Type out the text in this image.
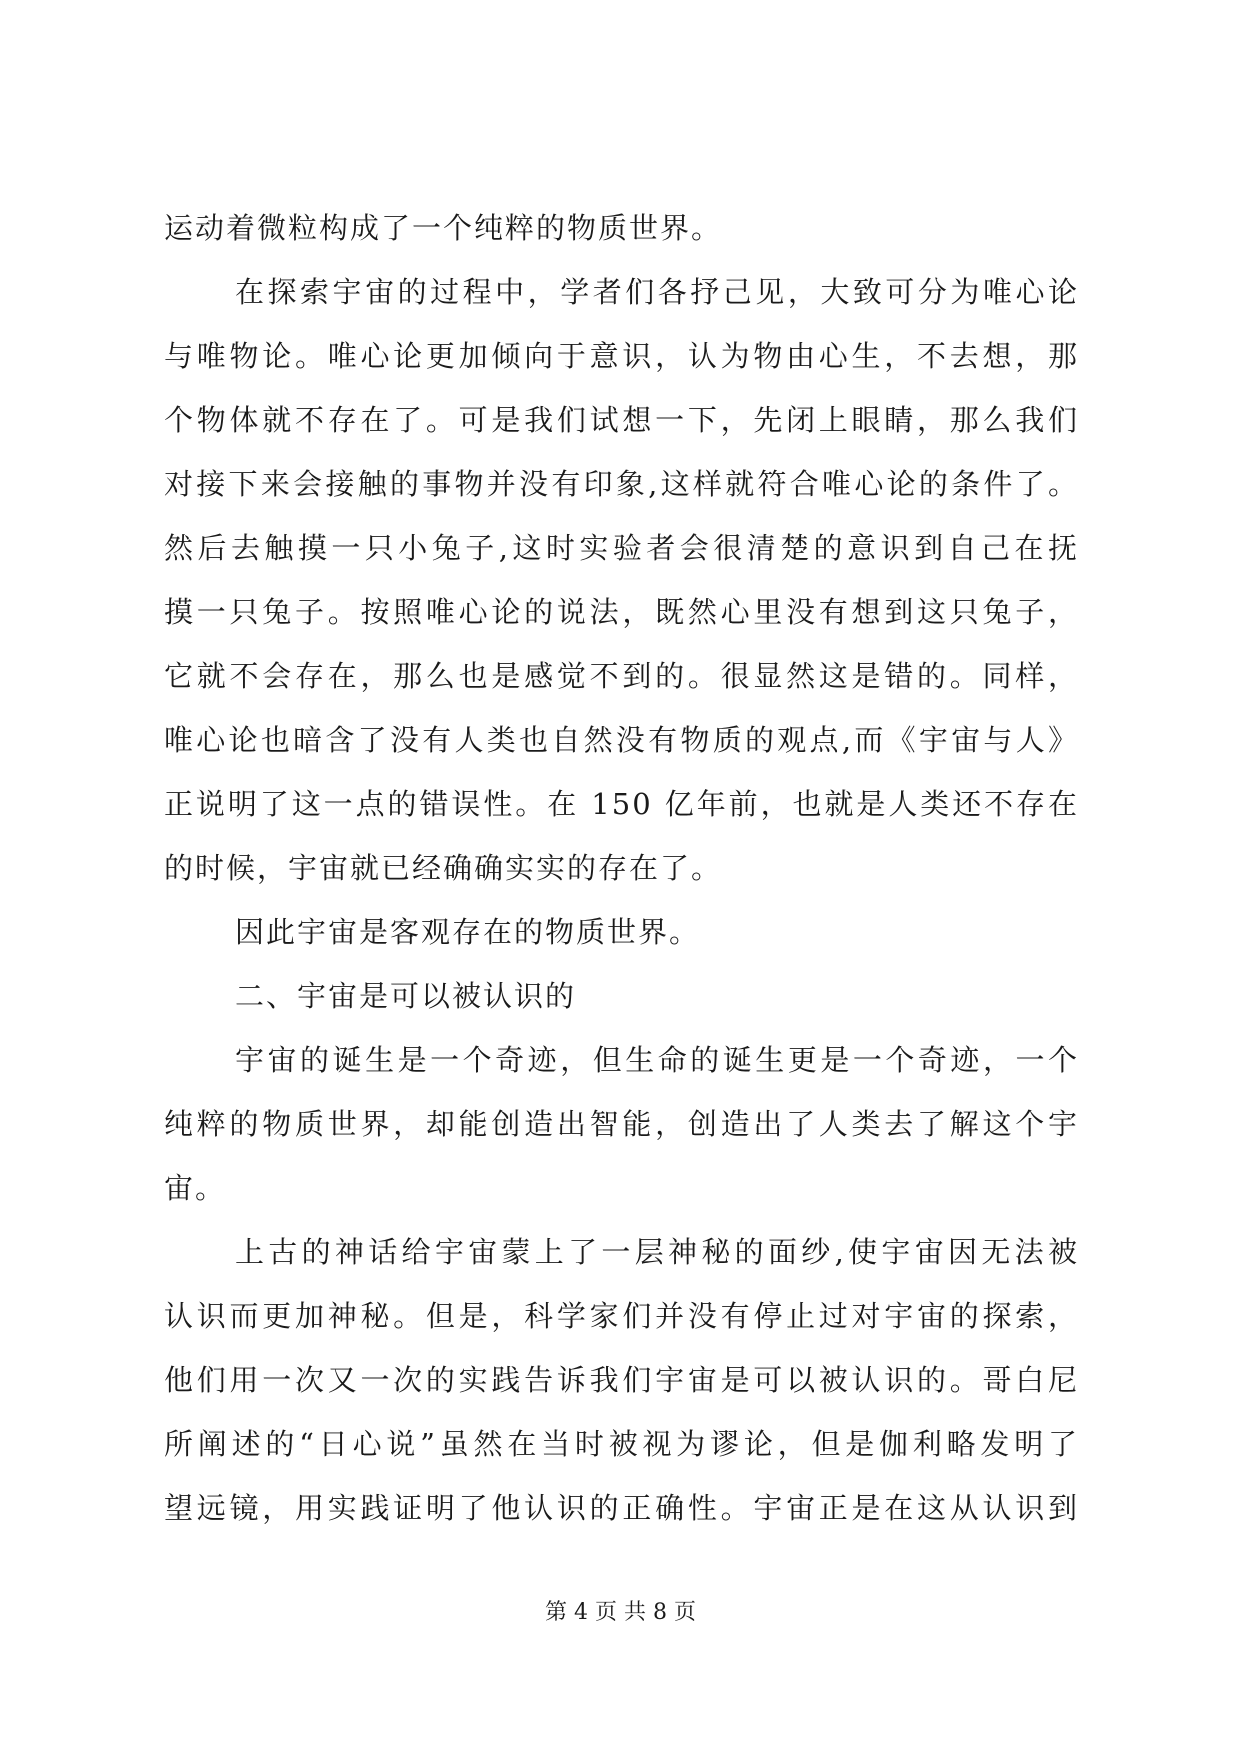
运动着微粒构成了一个纯粹的物质世界。
在探索宇宙的过程中，学者们各抒己见，大致可分为唯心论
与唯物论。唯心论更加倾向于意识，认为物由心生，不去想，那
个物体就不存在了。可是我们试想一下，先闭上眼睛，那么我们
对接下来会接触的事物并没有印象,这样就符合唯心论的条件了。
然后去触摸一只小兔子,这时实验者会很清楚的意识到自己在抚
摸一只兔子。按照唯心论的说法，既然心里没有想到这只兔子，
它就不会存在，那么也是感觉不到的。很显然这是错的。同样，
唯心论也暗含了没有人类也自然没有物质的观点,而《宇宙与人》
正说明了这一点的错误性。在 150 亿年前，也就是人类还不存在
的时候，宇宙就已经确确实实的存在了。
因此宇宙是客观存在的物质世界。
二、宇宙是可以被认识的
宇宙的诞生是一个奇迹，但生命的诞生更是一个奇迹，一个
纯粹的物质世界，却能创造出智能，创造出了人类去了解这个宇
宙。
上古的神话给宇宙蒙上了一层神秘的面纱,使宇宙因无法被
认识而更加神秘。但是，科学家们并没有停止过对宇宙的探索，
他们用一次又一次的实践告诉我们宇宙是可以被认识的。哥白尼
所阐述的“日心说”虽然在当时被视为谬论，但是伽利略发明了
望远镜，用实践证明了他认识的正确性。宇宙正是在这从认识到
第 4 页 共 8 页
